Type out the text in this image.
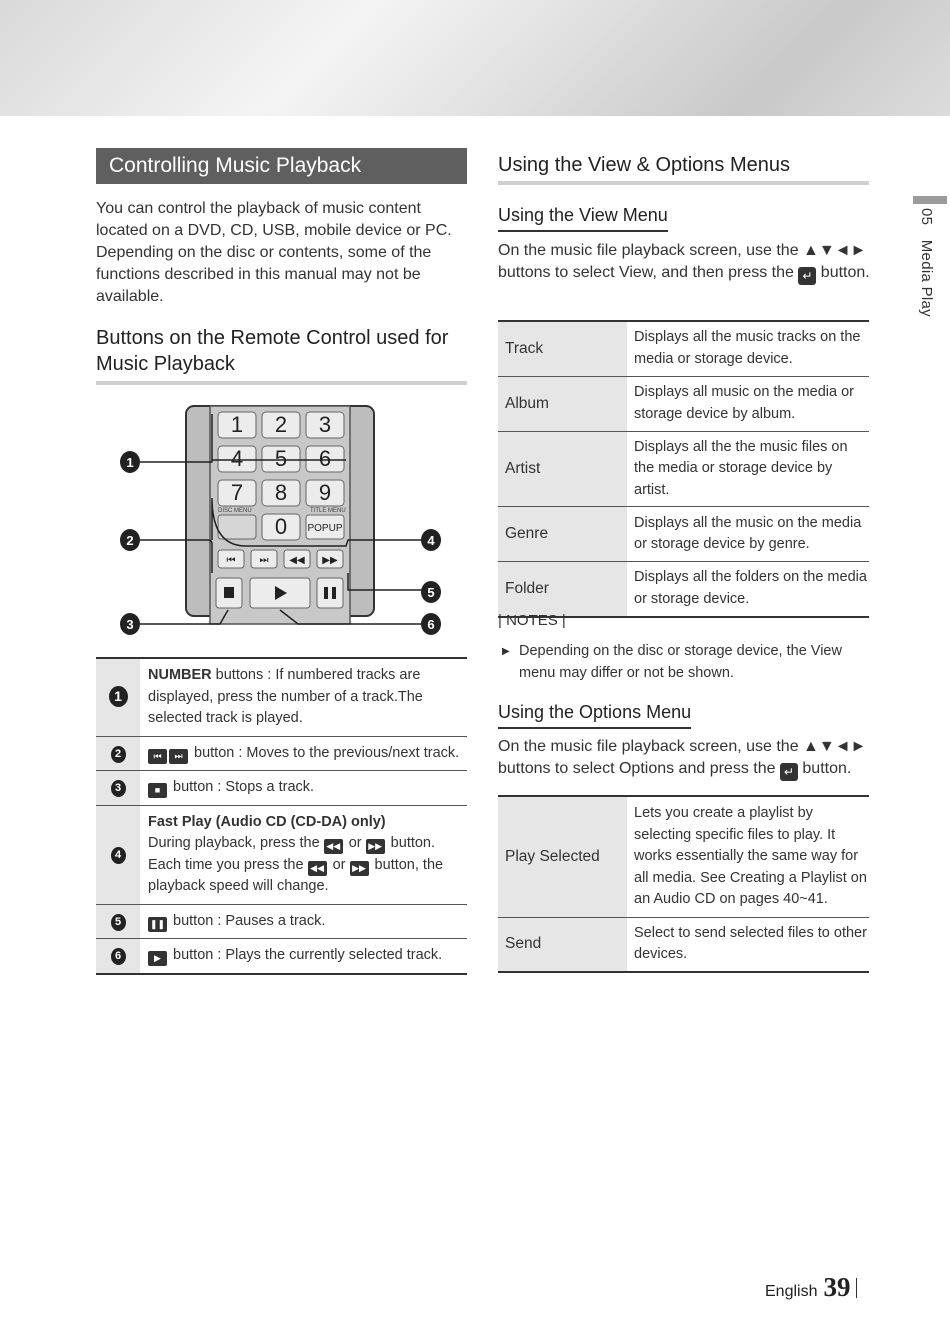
05 Media Play
Controlling Music Playback
You can control the playback of music content located on a DVD, CD, USB, mobile device or PC. Depending on the disc or contents, some of the functions described in this manual may not be available.
Buttons on the Remote Control used for Music Playback
1 2 3
4 5 6
7 8 9
0
DISC MENU	TITLE MENU
POPUP
⏮ ⏭ ◀◀ ▶▶
1
2
3
4
5
6
1	NUMBER buttons : If numbered tracks are displayed, press the number of a track.The selected track is played.
2	⏮ ⏭ button : Moves to the previous/next track.
3	■ button : Stops a track.
4	Fast Play (Audio CD (CD-DA) only)
During playback, press the ◀◀ or ▶▶ button. Each time you press the ◀◀ or ▶▶ button, the playback speed will change.

5	❚❚ button : Pauses a track.
6	▶ button : Plays the currently selected track.
Using the View & Options Menus
Using the View Menu
On the music file playback screen, use the ▲▼◄► buttons to select View, and then press the ↵ button.
Track	Displays all the music tracks on the media or storage device.
Album	Displays all music on the media or storage device by album.
Artist	Displays all the the music files on the media or storage device by artist.
Genre	Displays all the music on the media or storage device by genre.
Folder	Displays all the folders on the media or storage device.
| NOTES |
▶ Depending on the disc or storage device, the View menu may differ or not be shown.
Using the Options Menu
On the music file playback screen, use the ▲▼◄► buttons to select Options and press the ↵ button.
Play Selected	Lets you create a playlist by selecting specific files to play. It works essentially the same way for all media. See Creating a Playlist on an Audio CD on pages 40~41.
Send	Select to send selected files to other devices.
English 39
